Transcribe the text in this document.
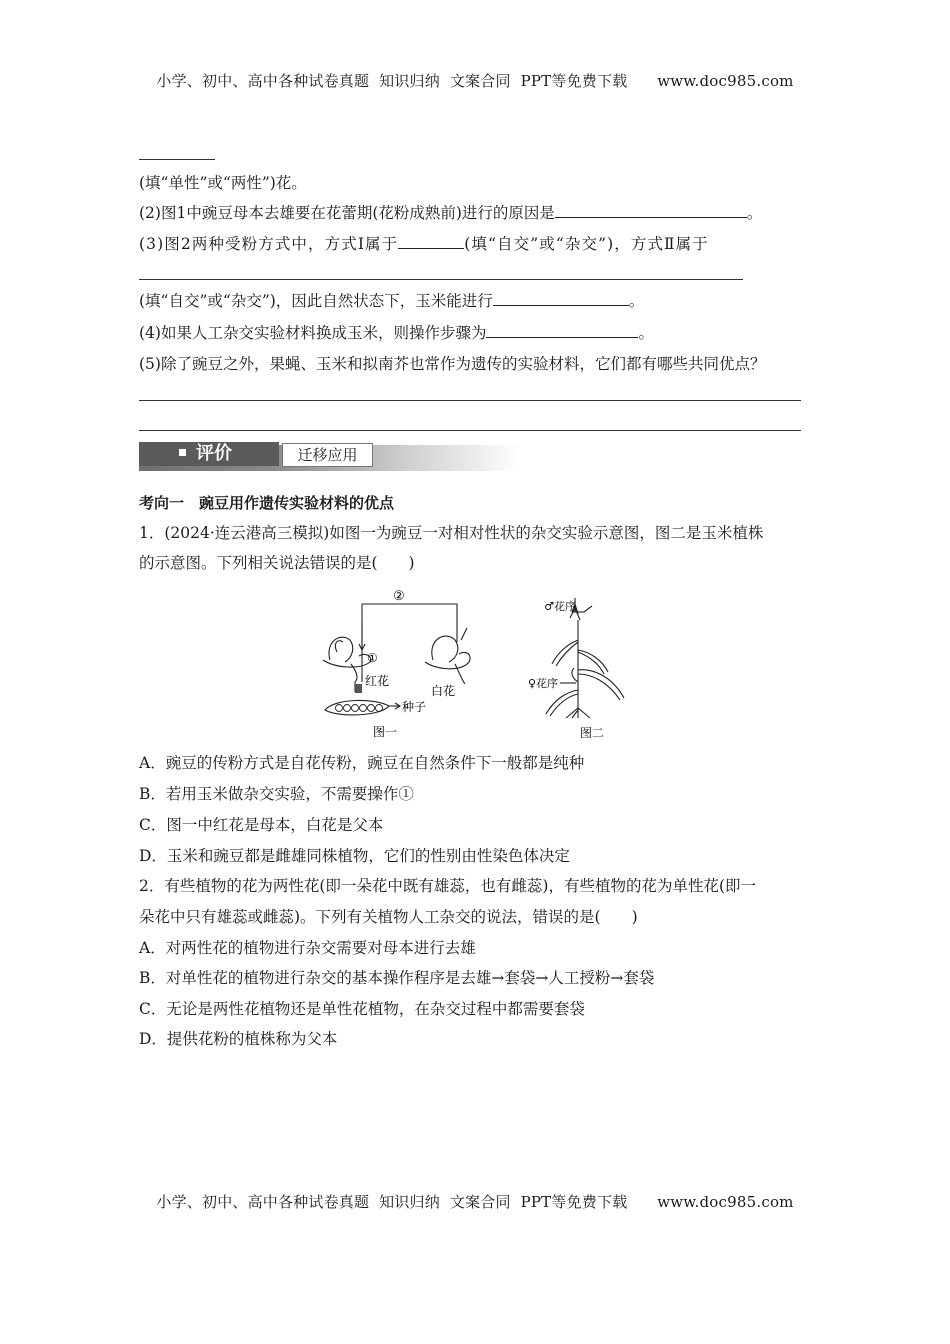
小学、初中、高中各种试卷真题  知识归纳  文案合同  PPT等免费下载      www.doc985.com
(填“单性”或“两性”)花。
(2)图1中豌豆母本去雄要在花蕾期(花粉成熟前)进行的原因是	。
(3)图2两种受粉方式中，方式Ⅰ属于	(填“自交”或“杂交”)，方式Ⅱ属于
(填“自交”或“杂交”)，因此自然状态下，玉米能进行	。
(4)如果人工杂交实验材料换成玉米，则操作步骤为	。
(5)除了豌豆之外，果蝇、玉米和拟南芥也常作为遗传的实验材料，它们都有哪些共同优点？
评价	迁移应用
考向一　豌豆用作遗传实验材料的优点
1．(2024·连云港高三模拟)如图一为豌豆一对相对性状的杂交实验示意图，图二是玉米植株
的示意图。下列相关说法错误的是(　　)
②
①
红花
白花
种子
图一
♂花序
♀花序
图二
A．豌豆的传粉方式是自花传粉，豌豆在自然条件下一般都是纯种
B．若用玉米做杂交实验，不需要操作①
C．图一中红花是母本，白花是父本
D．玉米和豌豆都是雌雄同株植物，它们的性别由性染色体决定
2．有些植物的花为两性花(即一朵花中既有雄蕊，也有雌蕊)，有些植物的花为单性花(即一
朵花中只有雄蕊或雌蕊)。下列有关植物人工杂交的说法，错误的是(　　)
A．对两性花的植物进行杂交需要对母本进行去雄
B．对单性花的植物进行杂交的基本操作程序是去雄→套袋→人工授粉→套袋
C．无论是两性花植物还是单性花植物，在杂交过程中都需要套袋
D．提供花粉的植株称为父本
小学、初中、高中各种试卷真题  知识归纳  文案合同  PPT等免费下载      www.doc985.com
